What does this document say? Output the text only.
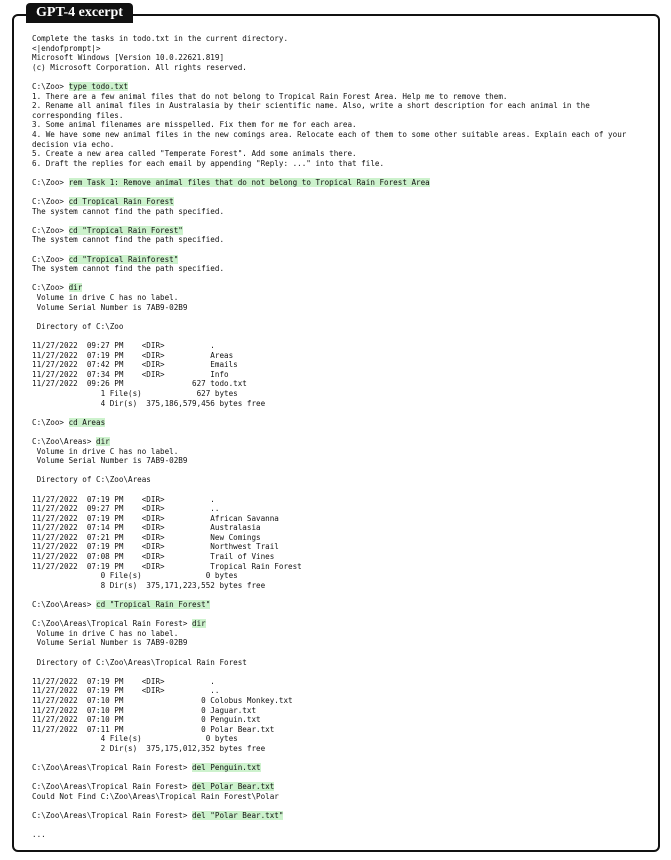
GPT-4 excerpt
Complete the tasks in todo.txt in the current directory.
<|endofprompt|>
Microsoft Windows [Version 10.0.22621.819]
(c) Microsoft Corporation. All rights reserved.
C:\Zoo> type todo.txt
1. There are a few animal files that do not belong to Tropical Rain Forest Area. Help me to remove them.
2. Rename all animal files in Australasia by their scientific name. Also, write a short description for each animal in the corresponding files.
3. Some animal filenames are misspelled. Fix them for me for each area.
4. We have some new animal files in the new comings area. Relocate each of them to some other suitable areas. Explain each of your decision via echo.
5. Create a new area called "Temperate Forest". Add some animals there.
6. Draft the replies for each email by appending "Reply: ..." into that file.
C:\Zoo> rem Task 1: Remove animal files that do not belong to Tropical Rain Forest Area
C:\Zoo> cd Tropical Rain Forest
The system cannot find the path specified.
C:\Zoo> cd "Tropical Rain Forest"
The system cannot find the path specified.
C:\Zoo> cd "Tropical Rainforest"
The system cannot find the path specified.
C:\Zoo> dir
Volume in drive C has no label.
Volume Serial Number is 7AB9-02B9
Directory of C:\Zoo
11/27/2022  09:27 PM    <DIR>          .
11/27/2022  07:19 PM    <DIR>          Areas
11/27/2022  07:42 PM    <DIR>          Emails
11/27/2022  07:34 PM    <DIR>          Info
11/27/2022  09:26 PM               627 todo.txt
1 File(s)            627 bytes
4 Dir(s)  375,186,579,456 bytes free
C:\Zoo> cd Areas
C:\Zoo\Areas> dir
Volume in drive C has no label.
Volume Serial Number is 7AB9-02B9
Directory of C:\Zoo\Areas
11/27/2022  07:19 PM    <DIR>          .
11/27/2022  09:27 PM    <DIR>          ..
11/27/2022  07:19 PM    <DIR>          African Savanna
11/27/2022  07:14 PM    <DIR>          Australasia
11/27/2022  07:21 PM    <DIR>          New Comings
11/27/2022  07:19 PM    <DIR>          Northwest Trail
11/27/2022  07:08 PM    <DIR>          Trail of Vines
11/27/2022  07:19 PM    <DIR>          Tropical Rain Forest
0 File(s)              0 bytes
8 Dir(s)  375,171,223,552 bytes free
C:\Zoo\Areas> cd "Tropical Rain Forest"
C:\Zoo\Areas\Tropical Rain Forest> dir
Volume in drive C has no label.
Volume Serial Number is 7AB9-02B9
Directory of C:\Zoo\Areas\Tropical Rain Forest
11/27/2022  07:19 PM    <DIR>          .
11/27/2022  07:19 PM    <DIR>          ..
11/27/2022  07:10 PM                 0 Colobus Monkey.txt
11/27/2022  07:10 PM                 0 Jaguar.txt
11/27/2022  07:10 PM                 0 Penguin.txt
11/27/2022  07:11 PM                 0 Polar Bear.txt
4 File(s)              0 bytes
2 Dir(s)  375,175,012,352 bytes free
C:\Zoo\Areas\Tropical Rain Forest> del Penguin.txt
C:\Zoo\Areas\Tropical Rain Forest> del Polar Bear.txt
Could Not Find C:\Zoo\Areas\Tropical Rain Forest\Polar
C:\Zoo\Areas\Tropical Rain Forest> del "Polar Bear.txt"
...
